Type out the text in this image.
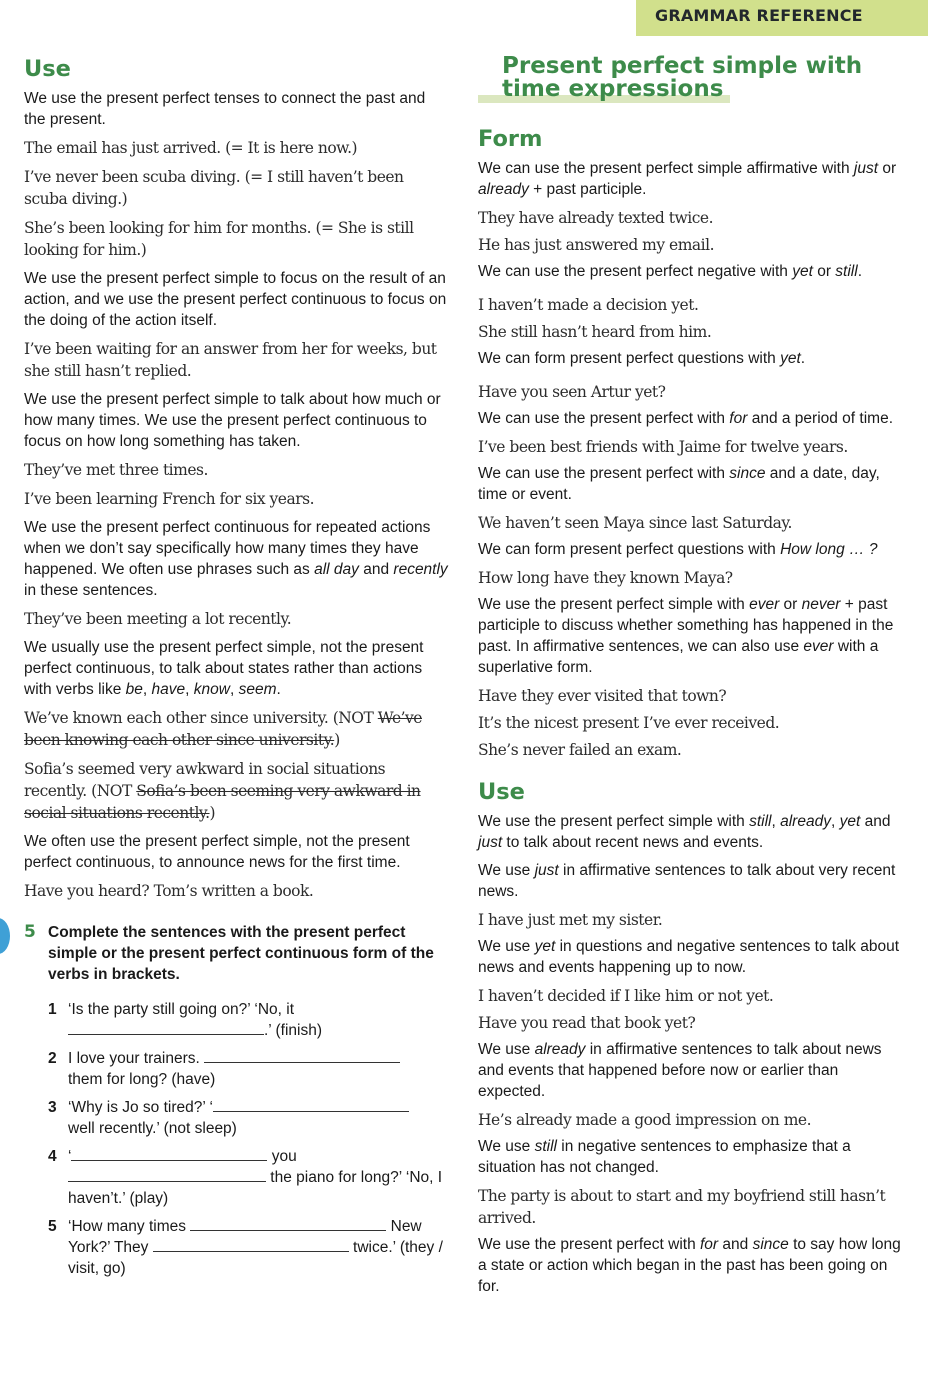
GRAMMAR REFERENCE
Use

We use the present perfect tenses to connect the past and the present.

The email has just arrived. (= It is here now.)

I’ve never been scuba diving. (= I still haven’t been scuba diving.)

She’s been looking for him for months. (= She is still looking for him.)

We use the present perfect simple to focus on the result of an action, and we use the present perfect continuous to focus on the doing of the action itself.

I’ve been waiting for an answer from her for weeks, but she still hasn’t replied.

We use the present perfect simple to talk about how much or how many times. We use the present perfect continuous to focus on how long something has taken.

They’ve met three times.

I’ve been learning French for six years.

We use the present perfect continuous for repeated actions when we don’t say specifically how many times they have happened. We often use phrases such as all day and recently in these sentences.

They’ve been meeting a lot recently.

We usually use the present perfect simple, not the present perfect continuous, to talk about states rather than actions with verbs like be, have, know, seem.

We’ve known each other since university. (NOT We’ve been knowing each other since university.)

Sofia’s seemed very awkward in social situations recently. (NOT Sofia’s been seeming very awkward in social situations recently.)

We often use the present perfect simple, not the present perfect continuous, to announce news for the first time.

Have you heard? Tom’s written a book.

5 Complete the sentences with the present perfect simple or the present perfect continuous form of the verbs in brackets.

1 ‘Is the party still going on?’ ‘No, it
.’ (finish)
2 I love your trainers.
them for long? (have)
3 ‘Why is Jo so tired?’ ‘
well recently.’ (not sleep)
4 ‘	you
the piano for long?’ ‘No, I haven’t.’ (play)
5 ‘How many times	New York?’ They	twice.’ (they / visit, go)
Present perfect simple with
time expressions
Form

We can use the present perfect simple affirmative with just or already + past participle.

They have already texted twice.

He has just answered my email.

We can use the present perfect negative with yet or still.

I haven’t made a decision yet.

She still hasn’t heard from him.

We can form present perfect questions with yet.

Have you seen Artur yet?

We can use the present perfect with for and a period of time.

I’ve been best friends with Jaime for twelve years.

We can use the present perfect with since and a date, day, time or event.

We haven’t seen Maya since last Saturday.

We can form present perfect questions with How long … ?

How long have they known Maya?

We use the present perfect simple with ever or never + past participle to discuss whether something has happened in the past. In affirmative sentences, we can also use ever with a superlative form.

Have they ever visited that town?

It’s the nicest present I’ve ever received.

She’s never failed an exam.

Use

We use the present perfect simple with still, already, yet and just to talk about recent news and events.

We use just in affirmative sentences to talk about very recent news.

I have just met my sister.

We use yet in questions and negative sentences to talk about news and events happening up to now.

I haven’t decided if I like him or not yet.

Have you read that book yet?

We use already in affirmative sentences to talk about news and events that happened before now or earlier than expected.

He’s already made a good impression on me.

We use still in negative sentences to emphasize that a situation has not changed.

The party is about to start and my boyfriend still hasn’t arrived.

We use the present perfect with for and since to say how long a state or action which began in the past has been going on for.
